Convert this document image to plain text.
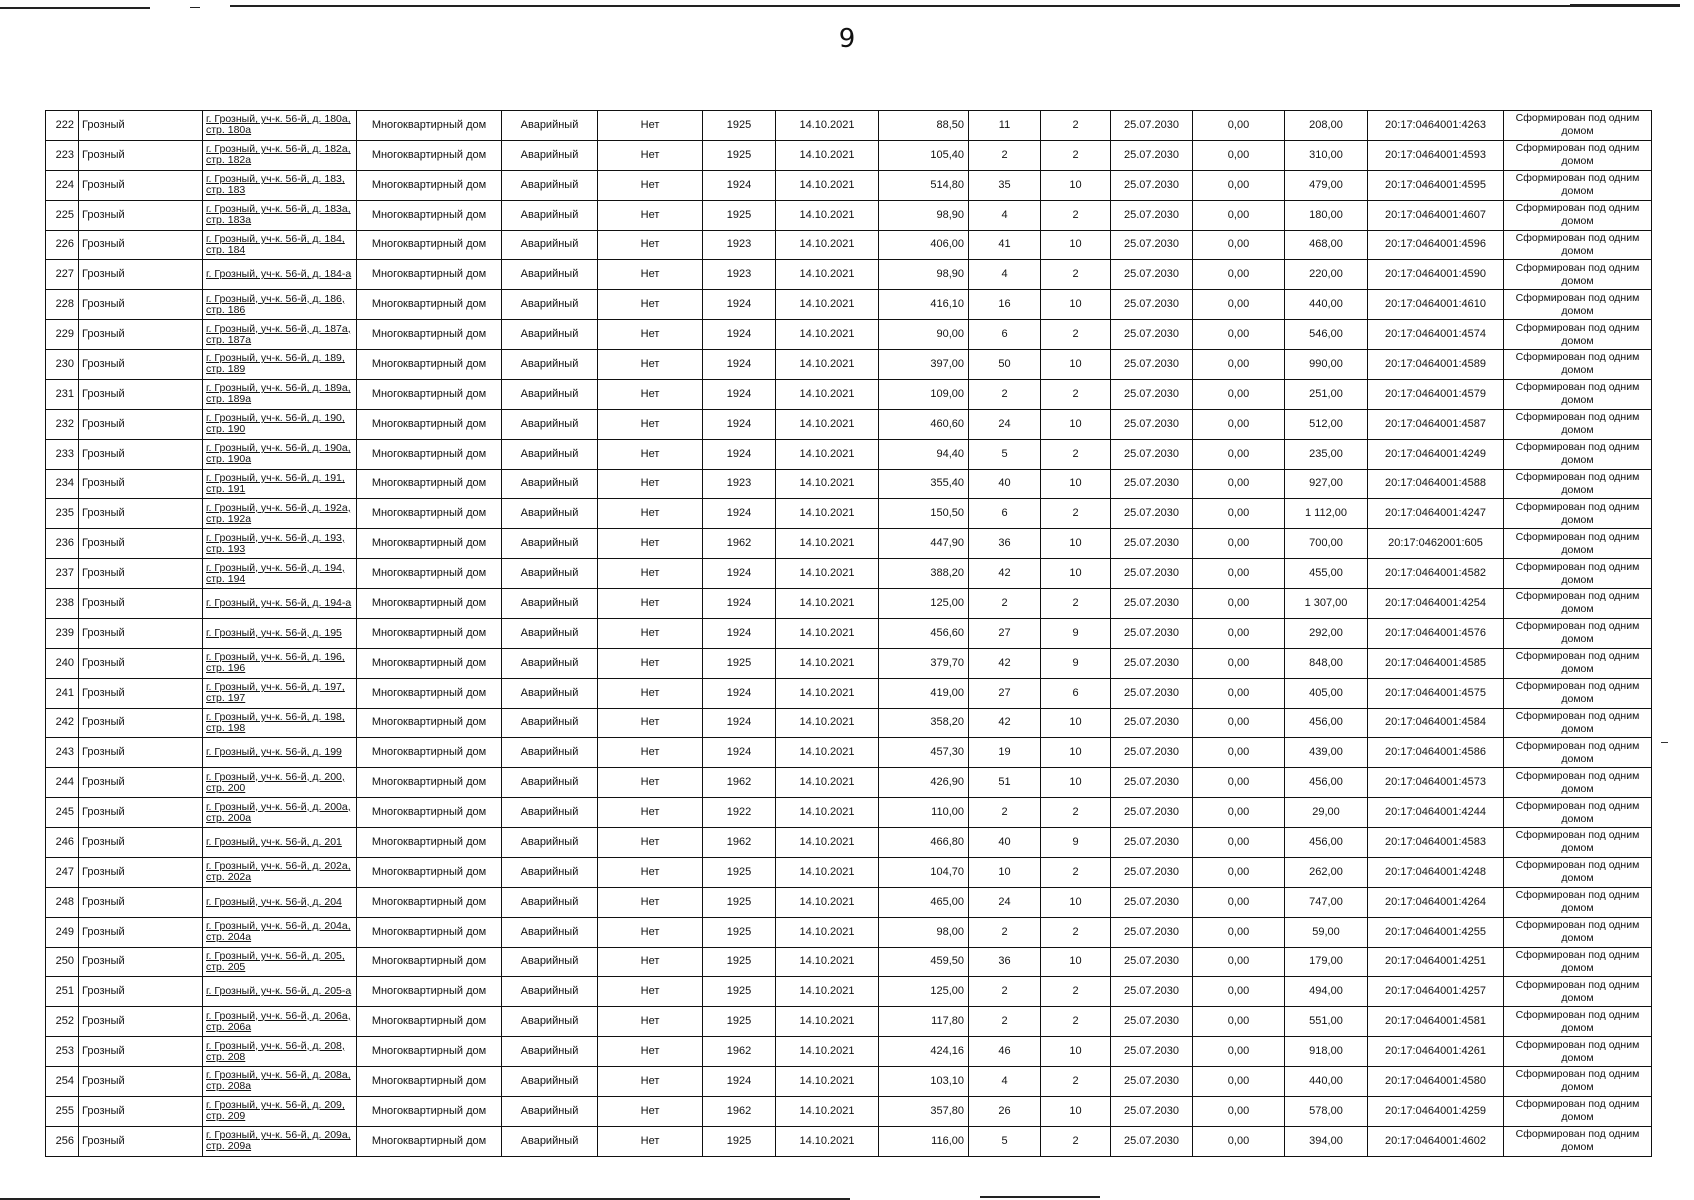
9
222	Грозный	г. Грозный, уч-к. 56-й, д. 180а, стр. 180а	Многоквартирный дом	Аварийный	Нет	1925	14.10.2021	88,50	11	2	25.07.2030	0,00	208,00	20:17:0464001:4263	Сформирован под одним домом
223	Грозный	г. Грозный, уч-к. 56-й, д. 182а, стр. 182а	Многоквартирный дом	Аварийный	Нет	1925	14.10.2021	105,40	2	2	25.07.2030	0,00	310,00	20:17:0464001:4593	Сформирован под одним домом
224	Грозный	г. Грозный, уч-к. 56-й, д. 183, стр. 183	Многоквартирный дом	Аварийный	Нет	1924	14.10.2021	514,80	35	10	25.07.2030	0,00	479,00	20:17:0464001:4595	Сформирован под одним домом
225	Грозный	г. Грозный, уч-к. 56-й, д. 183а, стр. 183а	Многоквартирный дом	Аварийный	Нет	1925	14.10.2021	98,90	4	2	25.07.2030	0,00	180,00	20:17:0464001:4607	Сформирован под одним домом
226	Грозный	г. Грозный, уч-к. 56-й, д. 184, стр. 184	Многоквартирный дом	Аварийный	Нет	1923	14.10.2021	406,00	41	10	25.07.2030	0,00	468,00	20:17:0464001:4596	Сформирован под одним домом
227	Грозный	г. Грозный, уч-к. 56-й, д. 184-а	Многоквартирный дом	Аварийный	Нет	1923	14.10.2021	98,90	4	2	25.07.2030	0,00	220,00	20:17:0464001:4590	Сформирован под одним домом
228	Грозный	г. Грозный, уч-к. 56-й, д. 186, стр. 186	Многоквартирный дом	Аварийный	Нет	1924	14.10.2021	416,10	16	10	25.07.2030	0,00	440,00	20:17:0464001:4610	Сформирован под одним домом
229	Грозный	г. Грозный, уч-к. 56-й, д. 187а, стр. 187а	Многоквартирный дом	Аварийный	Нет	1924	14.10.2021	90,00	6	2	25.07.2030	0,00	546,00	20:17:0464001:4574	Сформирован под одним домом
230	Грозный	г. Грозный, уч-к. 56-й, д. 189, стр. 189	Многоквартирный дом	Аварийный	Нет	1924	14.10.2021	397,00	50	10	25.07.2030	0,00	990,00	20:17:0464001:4589	Сформирован под одним домом
231	Грозный	г. Грозный, уч-к. 56-й, д. 189а, стр. 189а	Многоквартирный дом	Аварийный	Нет	1924	14.10.2021	109,00	2	2	25.07.2030	0,00	251,00	20:17:0464001:4579	Сформирован под одним домом
232	Грозный	г. Грозный, уч-к. 56-й, д. 190, стр. 190	Многоквартирный дом	Аварийный	Нет	1924	14.10.2021	460,60	24	10	25.07.2030	0,00	512,00	20:17:0464001:4587	Сформирован под одним домом
233	Грозный	г. Грозный, уч-к. 56-й, д. 190а, стр. 190а	Многоквартирный дом	Аварийный	Нет	1924	14.10.2021	94,40	5	2	25.07.2030	0,00	235,00	20:17:0464001:4249	Сформирован под одним домом
234	Грозный	г. Грозный, уч-к. 56-й, д. 191, стр. 191	Многоквартирный дом	Аварийный	Нет	1923	14.10.2021	355,40	40	10	25.07.2030	0,00	927,00	20:17:0464001:4588	Сформирован под одним домом
235	Грозный	г. Грозный, уч-к. 56-й, д. 192а, стр. 192а	Многоквартирный дом	Аварийный	Нет	1924	14.10.2021	150,50	6	2	25.07.2030	0,00	1 112,00	20:17:0464001:4247	Сформирован под одним домом
236	Грозный	г. Грозный, уч-к. 56-й, д. 193, стр. 193	Многоквартирный дом	Аварийный	Нет	1962	14.10.2021	447,90	36	10	25.07.2030	0,00	700,00	20:17:0462001:605	Сформирован под одним домом
237	Грозный	г. Грозный, уч-к. 56-й, д. 194, стр. 194	Многоквартирный дом	Аварийный	Нет	1924	14.10.2021	388,20	42	10	25.07.2030	0,00	455,00	20:17:0464001:4582	Сформирован под одним домом
238	Грозный	г. Грозный, уч-к. 56-й, д. 194-а	Многоквартирный дом	Аварийный	Нет	1924	14.10.2021	125,00	2	2	25.07.2030	0,00	1 307,00	20:17:0464001:4254	Сформирован под одним домом
239	Грозный	г. Грозный, уч-к. 56-й, д. 195	Многоквартирный дом	Аварийный	Нет	1924	14.10.2021	456,60	27	9	25.07.2030	0,00	292,00	20:17:0464001:4576	Сформирован под одним домом
240	Грозный	г. Грозный, уч-к. 56-й, д. 196, стр. 196	Многоквартирный дом	Аварийный	Нет	1925	14.10.2021	379,70	42	9	25.07.2030	0,00	848,00	20:17:0464001:4585	Сформирован под одним домом
241	Грозный	г. Грозный, уч-к. 56-й, д. 197, стр. 197	Многоквартирный дом	Аварийный	Нет	1924	14.10.2021	419,00	27	6	25.07.2030	0,00	405,00	20:17:0464001:4575	Сформирован под одним домом
242	Грозный	г. Грозный, уч-к. 56-й, д. 198, стр. 198	Многоквартирный дом	Аварийный	Нет	1924	14.10.2021	358,20	42	10	25.07.2030	0,00	456,00	20:17:0464001:4584	Сформирован под одним домом
243	Грозный	г. Грозный, уч-к. 56-й, д. 199	Многоквартирный дом	Аварийный	Нет	1924	14.10.2021	457,30	19	10	25.07.2030	0,00	439,00	20:17:0464001:4586	Сформирован под одним домом
244	Грозный	г. Грозный, уч-к. 56-й, д. 200, стр. 200	Многоквартирный дом	Аварийный	Нет	1962	14.10.2021	426,90	51	10	25.07.2030	0,00	456,00	20:17:0464001:4573	Сформирован под одним домом
245	Грозный	г. Грозный, уч-к. 56-й, д. 200а, стр. 200а	Многоквартирный дом	Аварийный	Нет	1922	14.10.2021	110,00	2	2	25.07.2030	0,00	29,00	20:17:0464001:4244	Сформирован под одним домом
246	Грозный	г. Грозный, уч-к. 56-й, д. 201	Многоквартирный дом	Аварийный	Нет	1962	14.10.2021	466,80	40	9	25.07.2030	0,00	456,00	20:17:0464001:4583	Сформирован под одним домом
247	Грозный	г. Грозный, уч-к. 56-й, д. 202а, стр. 202а	Многоквартирный дом	Аварийный	Нет	1925	14.10.2021	104,70	10	2	25.07.2030	0,00	262,00	20:17:0464001:4248	Сформирован под одним домом
248	Грозный	г. Грозный, уч-к. 56-й, д. 204	Многоквартирный дом	Аварийный	Нет	1925	14.10.2021	465,00	24	10	25.07.2030	0,00	747,00	20:17:0464001:4264	Сформирован под одним домом
249	Грозный	г. Грозный, уч-к. 56-й, д. 204а, стр. 204а	Многоквартирный дом	Аварийный	Нет	1925	14.10.2021	98,00	2	2	25.07.2030	0,00	59,00	20:17:0464001:4255	Сформирован под одним домом
250	Грозный	г. Грозный, уч-к. 56-й, д. 205, стр. 205	Многоквартирный дом	Аварийный	Нет	1925	14.10.2021	459,50	36	10	25.07.2030	0,00	179,00	20:17:0464001:4251	Сформирован под одним домом
251	Грозный	г. Грозный, уч-к. 56-й, д. 205-а	Многоквартирный дом	Аварийный	Нет	1925	14.10.2021	125,00	2	2	25.07.2030	0,00	494,00	20:17:0464001:4257	Сформирован под одним домом
252	Грозный	г. Грозный, уч-к. 56-й, д. 206а, стр. 206а	Многоквартирный дом	Аварийный	Нет	1925	14.10.2021	117,80	2	2	25.07.2030	0,00	551,00	20:17:0464001:4581	Сформирован под одним домом
253	Грозный	г. Грозный, уч-к. 56-й, д. 208, стр. 208	Многоквартирный дом	Аварийный	Нет	1962	14.10.2021	424,16	46	10	25.07.2030	0,00	918,00	20:17:0464001:4261	Сформирован под одним домом
254	Грозный	г. Грозный, уч-к. 56-й, д. 208а, стр. 208а	Многоквартирный дом	Аварийный	Нет	1924	14.10.2021	103,10	4	2	25.07.2030	0,00	440,00	20:17:0464001:4580	Сформирован под одним домом
255	Грозный	г. Грозный, уч-к. 56-й, д. 209, стр. 209	Многоквартирный дом	Аварийный	Нет	1962	14.10.2021	357,80	26	10	25.07.2030	0,00	578,00	20:17:0464001:4259	Сформирован под одним домом
256	Грозный	г. Грозный, уч-к. 56-й, д. 209а, стр. 209а	Многоквартирный дом	Аварийный	Нет	1925	14.10.2021	116,00	5	2	25.07.2030	0,00	394,00	20:17:0464001:4602	Сформирован под одним домом
